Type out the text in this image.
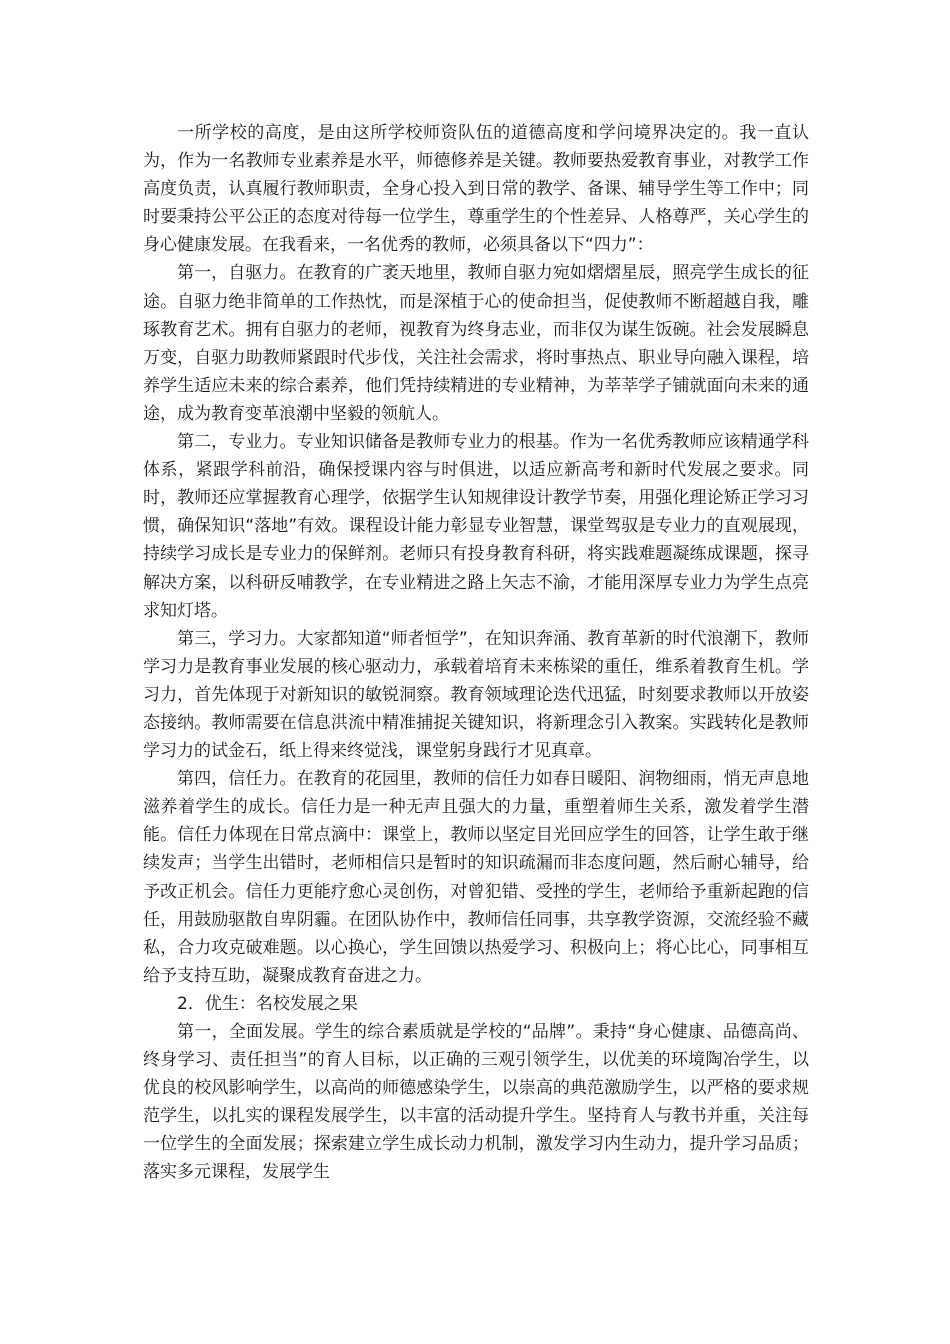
一所学校的高度，是由这所学校师资队伍的道德高度和学问境界决定的。我一直认为，作为一名教师专业素养是水平，师德修养是关键。教师要热爱教育事业，对教学工作高度负责，认真履行教师职责，全身心投入到日常的教学、备课、辅导学生等工作中；同时要秉持公平公正的态度对待每一位学生，尊重学生的个性差异、人格尊严，关心学生的身心健康发展。在我看来，一名优秀的教师，必须具备以下“四力”：

第一，自驱力。在教育的广袤天地里，教师自驱力宛如熠熠星辰，照亮学生成长的征途。自驱力绝非简单的工作热忱，而是深植于心的使命担当，促使教师不断超越自我，雕琢教育艺术。拥有自驱力的老师，视教育为终身志业，而非仅为谋生饭碗。社会发展瞬息万变，自驱力助教师紧跟时代步伐，关注社会需求，将时事热点、职业导向融入课程，培养学生适应未来的综合素养，他们凭持续精进的专业精神，为莘莘学子铺就面向未来的通途，成为教育变革浪潮中坚毅的领航人。

第二，专业力。专业知识储备是教师专业力的根基。作为一名优秀教师应该精通学科体系，紧跟学科前沿，确保授课内容与时俱进，以适应新高考和新时代发展之要求。同时，教师还应掌握教育心理学，依据学生认知规律设计教学节奏，用强化理论矫正学习习惯，确保知识“落地”有效。课程设计能力彰显专业智慧，课堂驾驭是专业力的直观展现，持续学习成长是专业力的保鲜剂。老师只有投身教育科研，将实践难题凝练成课题，探寻解决方案，以科研反哺教学，在专业精进之路上矢志不渝，才能用深厚专业力为学生点亮求知灯塔。

第三，学习力。大家都知道“师者恒学”，在知识奔涌、教育革新的时代浪潮下，教师学习力是教育事业发展的核心驱动力，承载着培育未来栋梁的重任，维系着教育生机。学习力，首先体现于对新知识的敏锐洞察。教育领域理论迭代迅猛，时刻要求教师以开放姿态接纳。教师需要在信息洪流中精准捕捉关键知识，将新理念引入教案。实践转化是教师学习力的试金石，纸上得来终觉浅，课堂躬身践行才见真章。

第四，信任力。在教育的花园里，教师的信任力如春日暖阳、润物细雨，悄无声息地滋养着学生的成长。信任力是一种无声且强大的力量，重塑着师生关系，激发着学生潜能。信任力体现在日常点滴中：课堂上，教师以坚定目光回应学生的回答，让学生敢于继续发声；当学生出错时，老师相信只是暂时的知识疏漏而非态度问题，然后耐心辅导，给予改正机会。信任力更能疗愈心灵创伤，对曾犯错、受挫的学生，老师给予重新起跑的信任，用鼓励驱散自卑阴霾。在团队协作中，教师信任同事，共享教学资源，交流经验不藏私，合力攻克破难题。以心换心，学生回馈以热爱学习、积极向上；将心比心，同事相互给予支持互助，凝聚成教育奋进之力。

2．优生：名校发展之果

第一，全面发展。学生的综合素质就是学校的“品牌”。秉持“身心健康、品德高尚、终身学习、责任担当”的育人目标，以正确的三观引领学生，以优美的环境陶冶学生，以优良的校风影响学生，以高尚的师德感染学生，以崇高的典范激励学生，以严格的要求规范学生，以扎实的课程发展学生，以丰富的活动提升学生。坚持育人与教书并重，关注每一位学生的全面发展；探索建立学生成长动力机制，激发学习内生动力，提升学习品质；落实多元课程，发展学生
